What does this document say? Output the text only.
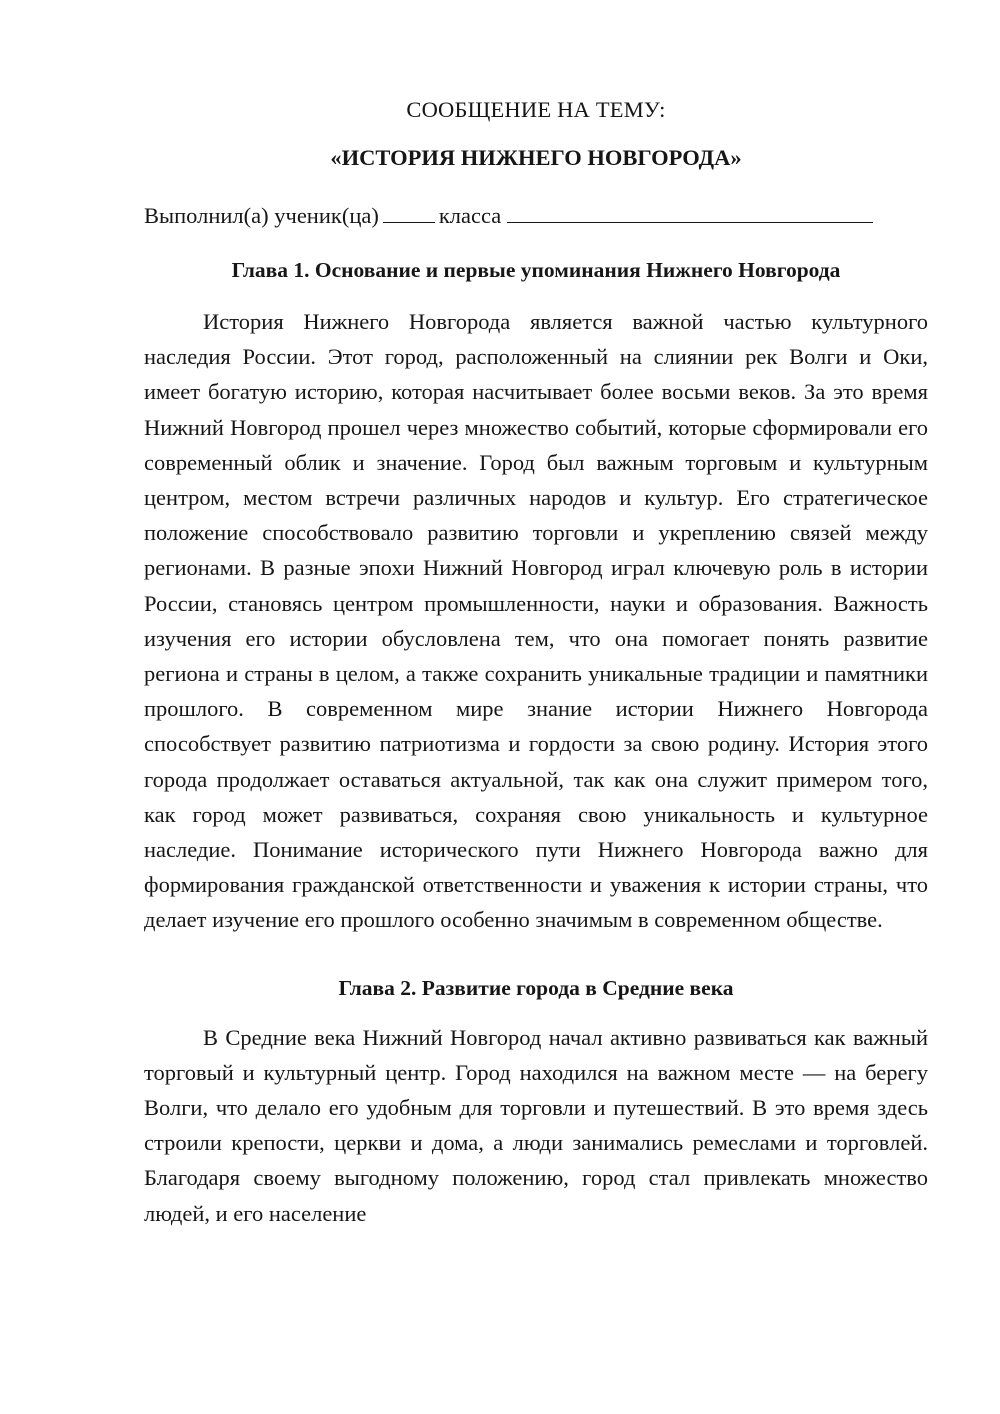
СООБЩЕНИЕ НА ТЕМУ:

«ИСТОРИЯ НИЖНЕГО НОВГОРОДА»

Выполнил(а) ученик(ца)	класса

Глава 1. Основание и первые упоминания Нижнего Новгорода

История Нижнего Новгорода является важной частью культурного наследия России. Этот город, расположенный на слиянии рек Волги и Оки, имеет богатую историю, которая насчитывает более восьми веков. За это время Нижний Новгород прошел через множество событий, которые сформировали его современный облик и значение. Город был важным торговым и культурным центром, местом встречи различных народов и культур. Его стратегическое положение способствовало развитию торговли и укреплению связей между регионами. В разные эпохи Нижний Новгород играл ключевую роль в истории России, становясь центром промышленности, науки и образования. Важность изучения его истории обусловлена тем, что она помогает понять развитие региона и страны в целом, а также сохранить уникальные традиции и памятники прошлого. В современном мире знание истории Нижнего Новгорода способствует развитию патриотизма и гордости за свою родину. История этого города продолжает оставаться актуальной, так как она служит примером того, как город может развиваться, сохраняя свою уникальность и культурное наследие. Понимание исторического пути Нижнего Новгорода важно для формирования гражданской ответственности и уважения к истории страны, что делает изучение его прошлого особенно значимым в современном обществе.

Глава 2. Развитие города в Средние века

В Средние века Нижний Новгород начал активно развиваться как важный торговый и культурный центр. Город находился на важном месте — на берегу Волги, что делало его удобным для торговли и путешествий. В это время здесь строили крепости, церкви и дома, а люди занимались ремеслами и торговлей. Благодаря своему выгодному положению, город стал привлекать множество людей, и его население
